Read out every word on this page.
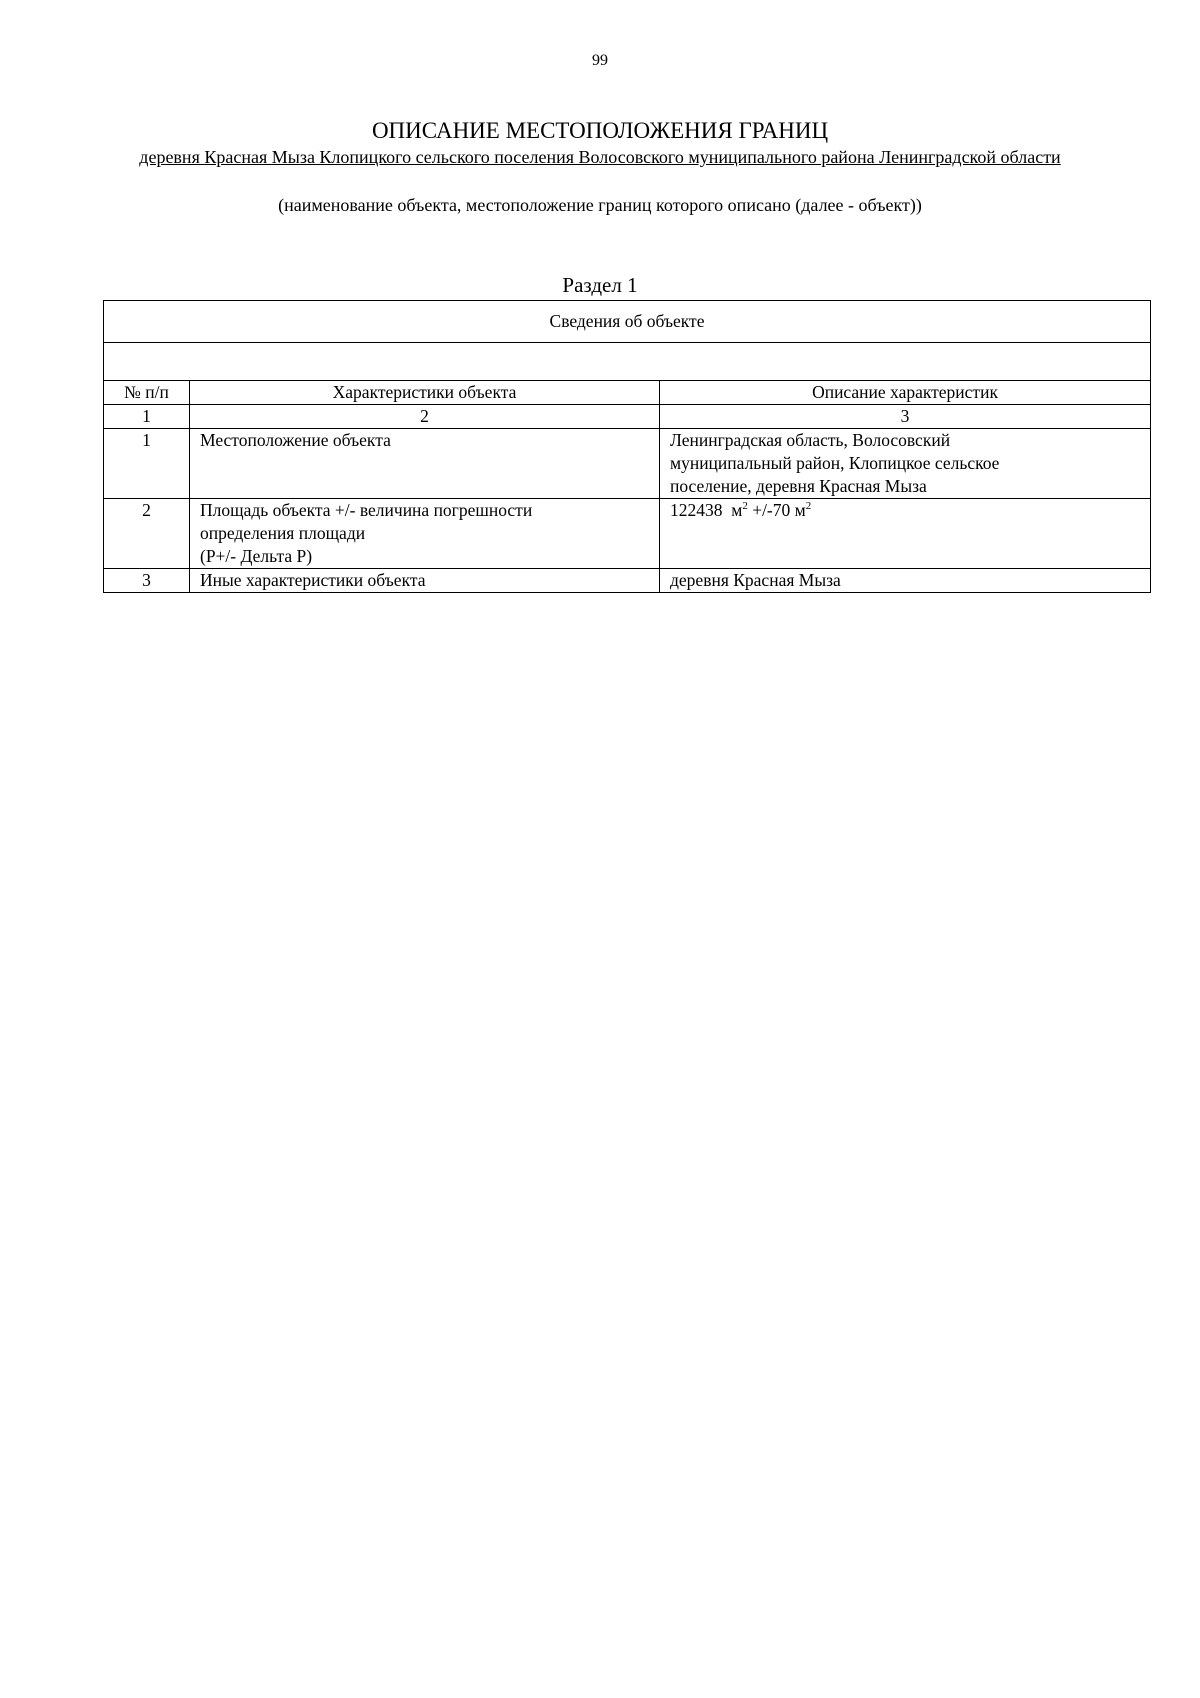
99
ОПИСАНИЕ МЕСТОПОЛОЖЕНИЯ ГРАНИЦ
деревня Красная Мыза Клопицкого сельского поселения Волосовского муниципального района Ленинградской области
(наименование объекта, местоположение границ которого описано (далее - объект))
Раздел 1
Сведения об объекте		

№ п/п	Характеристики объекта	Описание характеристик
1	2	3
1	Местоположение объекта	Ленинградская область, Волосовский
муниципальный район, Клопицкое сельское
поселение, деревня Красная Мыза

2	Площадь объекта +/- величина погрешности
определения площади
(Р+/- Дельта Р)	122438 $м^2 +/-70$ $м^2$
3	Иные характеристики объекта	деревня Красная Мыза
